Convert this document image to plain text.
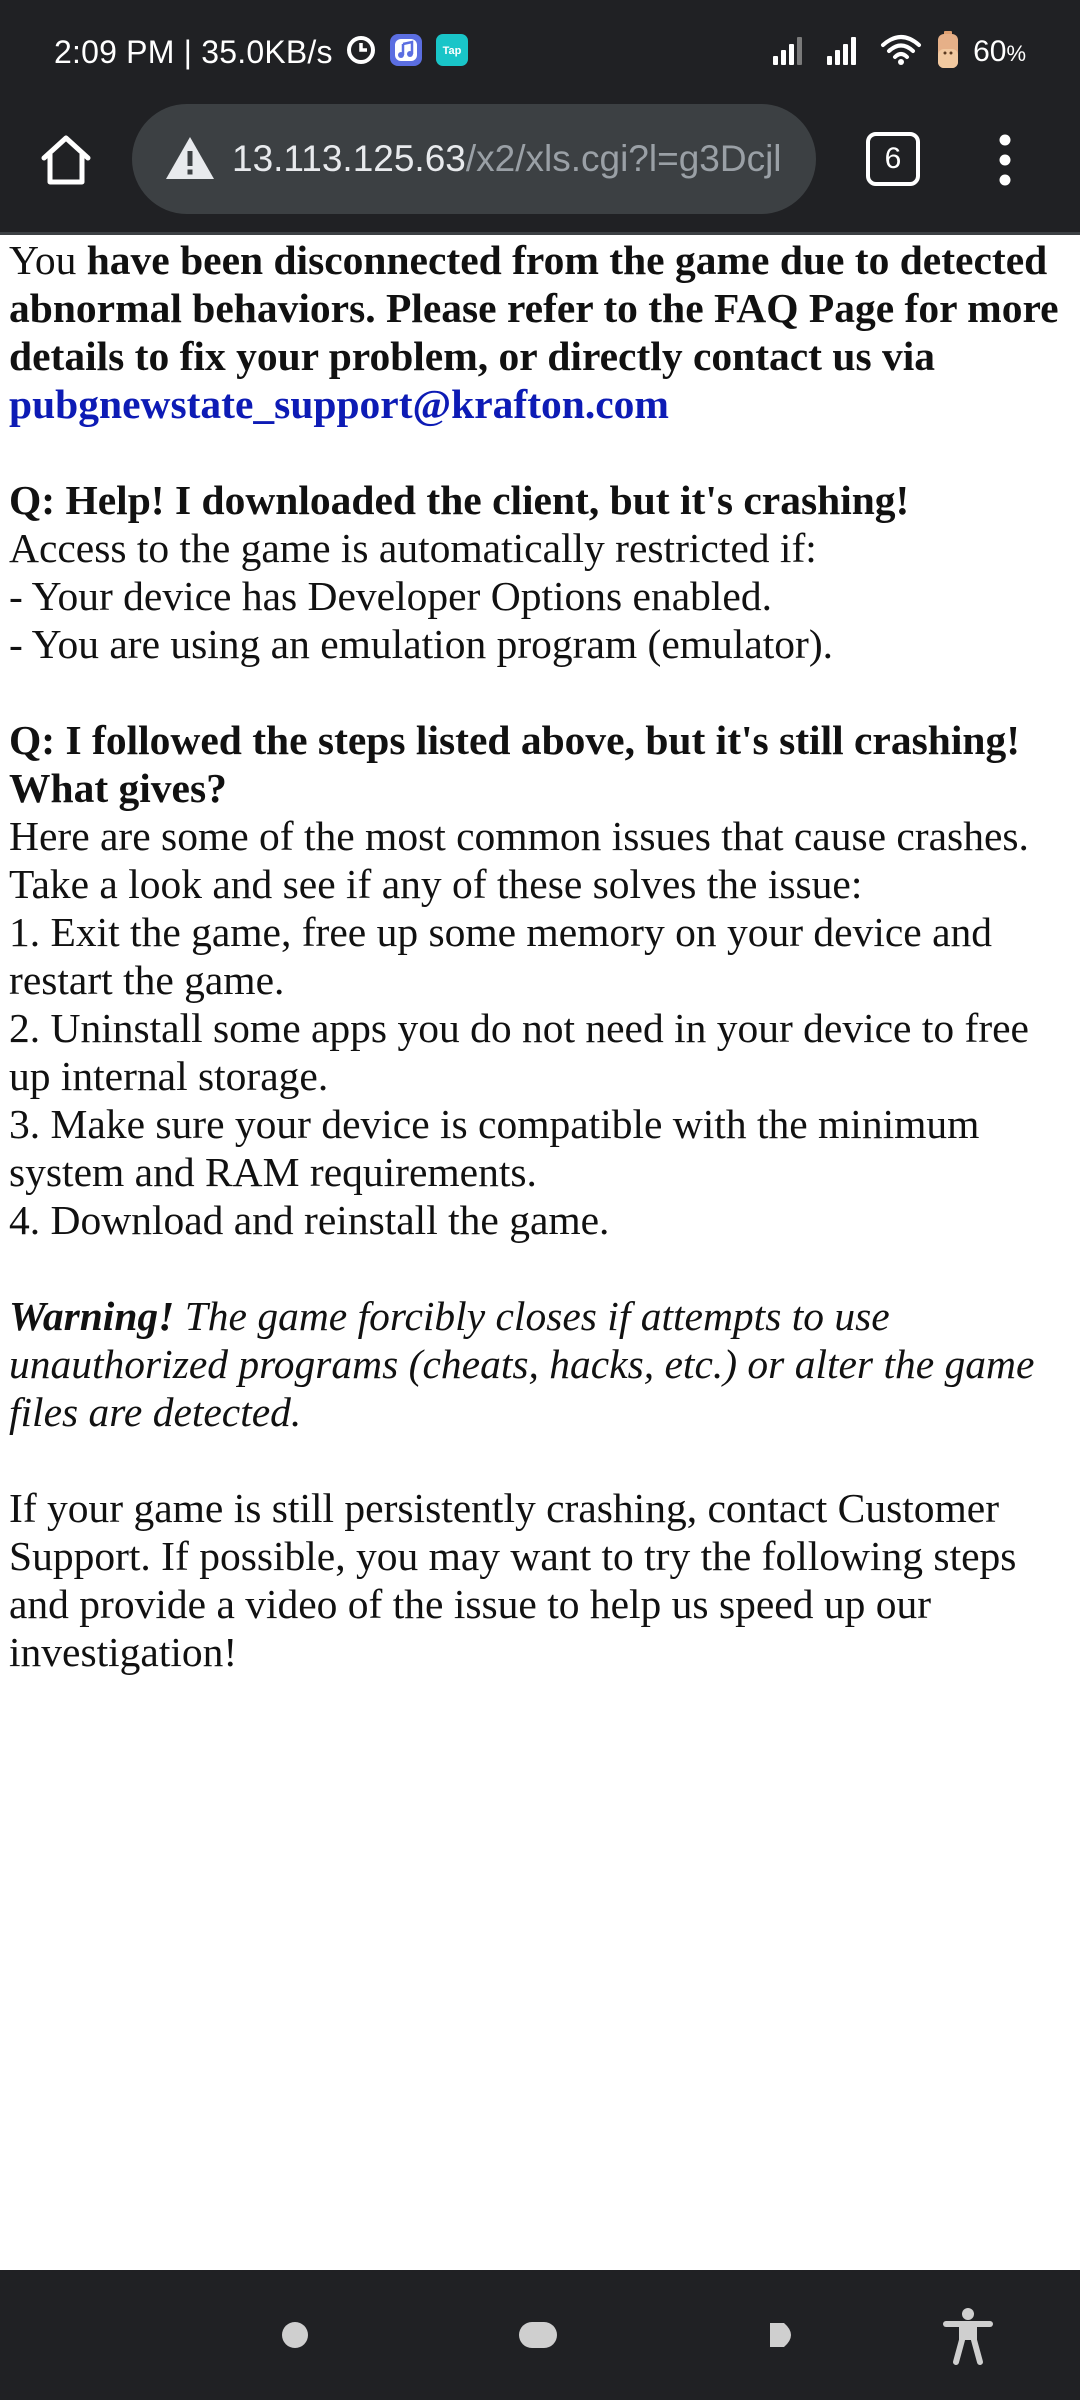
2:09 PM | 35.0KB/s	Tap	60%
13.113.125.63/x2/xls.cgi?l=g3Dcjl	6

You have been disconnected from the game due to detected abnormal behaviors. Please refer to the FAQ Page for more details to fix your problem, or directly contact us via
pubgnewstate_support@krafton.com

Q: Help! I downloaded the client, but it's crashing!

Access to the game is automatically restricted if:

- Your device has Developer Options enabled.

- You are using an emulation program (emulator).

Q: I followed the steps listed above, but it's still crashing! What gives?

Here are some of the most common issues that cause crashes. Take a look and see if any of these solves the issue:

1. Exit the game, free up some memory on your device and restart the game.

2. Uninstall some apps you do not need in your device to free up internal storage.

3. Make sure your device is compatible with the minimum system and RAM requirements.

4. Download and reinstall the game.

Warning! The game forcibly closes if attempts to use unauthorized programs (cheats, hacks, etc.) or alter the game files are detected.

If your game is still persistently crashing, contact Customer Support. If possible, you may want to try the following steps and provide a video of the issue to help us speed up our investigation!
